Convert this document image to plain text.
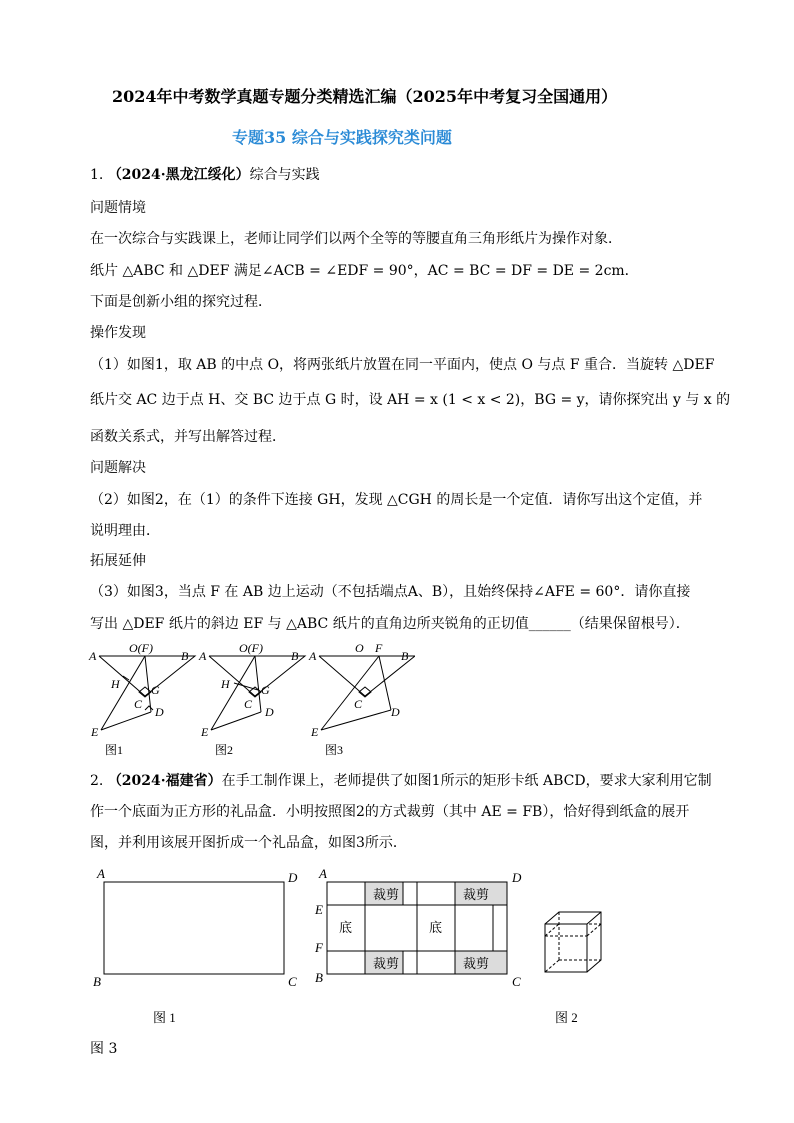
2024年中考数学真题专题分类精选汇编（2025年中考复习全国通用）
专题35 综合与实践探究类问题
1. （2024·黑龙江绥化）综合与实践
问题情境
在一次综合与实践课上，老师让同学们以两个全等的等腰直角三角形纸片为操作对象．
纸片 △ABC 和 △DEF 满足∠ACB = ∠EDF = 90°，AC = BC = DF = DE = 2cm．
下面是创新小组的探究过程．
操作发现
（1）如图1，取 AB 的中点 O，将两张纸片放置在同一平面内，使点 O 与点 F 重合．当旋转 △DEF
纸片交 AC 边于点 H、交 BC 边于点 G 时，设 AH = x (1 < x < 2)，BG = y，请你探究出 y 与 x 的
函数关系式，并写出解答过程．
问题解决
（2）如图2，在（1）的条件下连接 GH，发现 △CGH 的周长是一个定值．请你写出这个定值，并
说明理由．
拓展延伸
（3）如图3，当点 F 在 AB 边上运动（不包括端点A、B），且始终保持∠AFE = 60°．请你直接
写出 △DEF 纸片的斜边 EF 与 △ABC 纸片的直角边所夹锐角的正切值______（结果保留根号）．
A
O(F)
B
H	G
C
D
E
A
O(F)
B
H	G
C
D
E
A
O F
B
C
D
E
图1	图2	图3
2. （2024·福建省）在手工制作课上，老师提供了如图1所示的矩形卡纸 ABCD，要求大家利用它制
作一个底面为正方形的礼品盒．小明按照图2的方式裁剪（其中 AE = FB），恰好得到纸盒的展开
图，并利用该展开图折成一个礼品盒，如图3所示．
A	D
B	C
图 1
裁剪	裁剪
裁剪	裁剪
底	底
A	D
E
F
B	C
图 2
图 3
